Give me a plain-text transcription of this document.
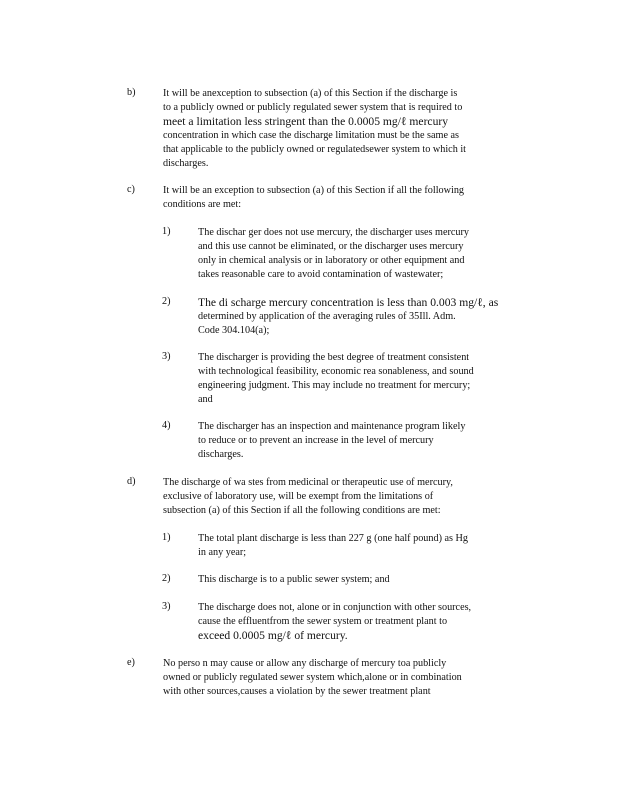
b)	It will be anexception to subsection (a) of this Section if the discharge is
to a publicly owned or publicly regulated sewer system that is required to
meet a limitation less stringent than the 0.0005 mg/ℓ mercury
concentration in which case the discharge limitation must be the same as
that applicable to the publicly owned or regulatedsewer system to which it
discharges.
c)	It will be an exception to subsection (a) of this Section if all the following
conditions are met:
1)	The dischar ger does not use mercury, the discharger uses mercury
and this use cannot be eliminated, or the discharger uses mercury
only in chemical analysis or in laboratory or other equipment and
takes reasonable care to avoid contamination of wastewater;
2) The di scharge mercury concentration is less than 0.003 mg/ℓ, as
determined by application of the averaging rules of 35Ill. Adm.
Code 304.104(a);
3)	The discharger is providing the best degree of treatment consistent
with technological feasibility, economic rea sonableness, and sound
engineering judgment. This may include no treatment for mercury;
and
4)	The discharger has an inspection and maintenance program likely
to reduce or to prevent an increase in the level of mercury
discharges.
d)	The discharge of wa stes from medicinal or therapeutic use of mercury,
exclusive of laboratory use, will be exempt from the limitations of
subsection (a) of this Section if all the following conditions are met:
1)	The total plant discharge is less than 227 g (one half pound) as Hg
in any year;
2)	This discharge is to a public sewer system; and
3)	The discharge does not, alone or in conjunction with other sources,
cause the effluentfrom the sewer system or treatment plant to
exceed 0.0005 mg/ℓ of mercury.
e)	No perso n may cause or allow any discharge of mercury toa publicly
owned or publicly regulated sewer system which,alone or in combination
with other sources,causes a violation by the sewer treatment plant
